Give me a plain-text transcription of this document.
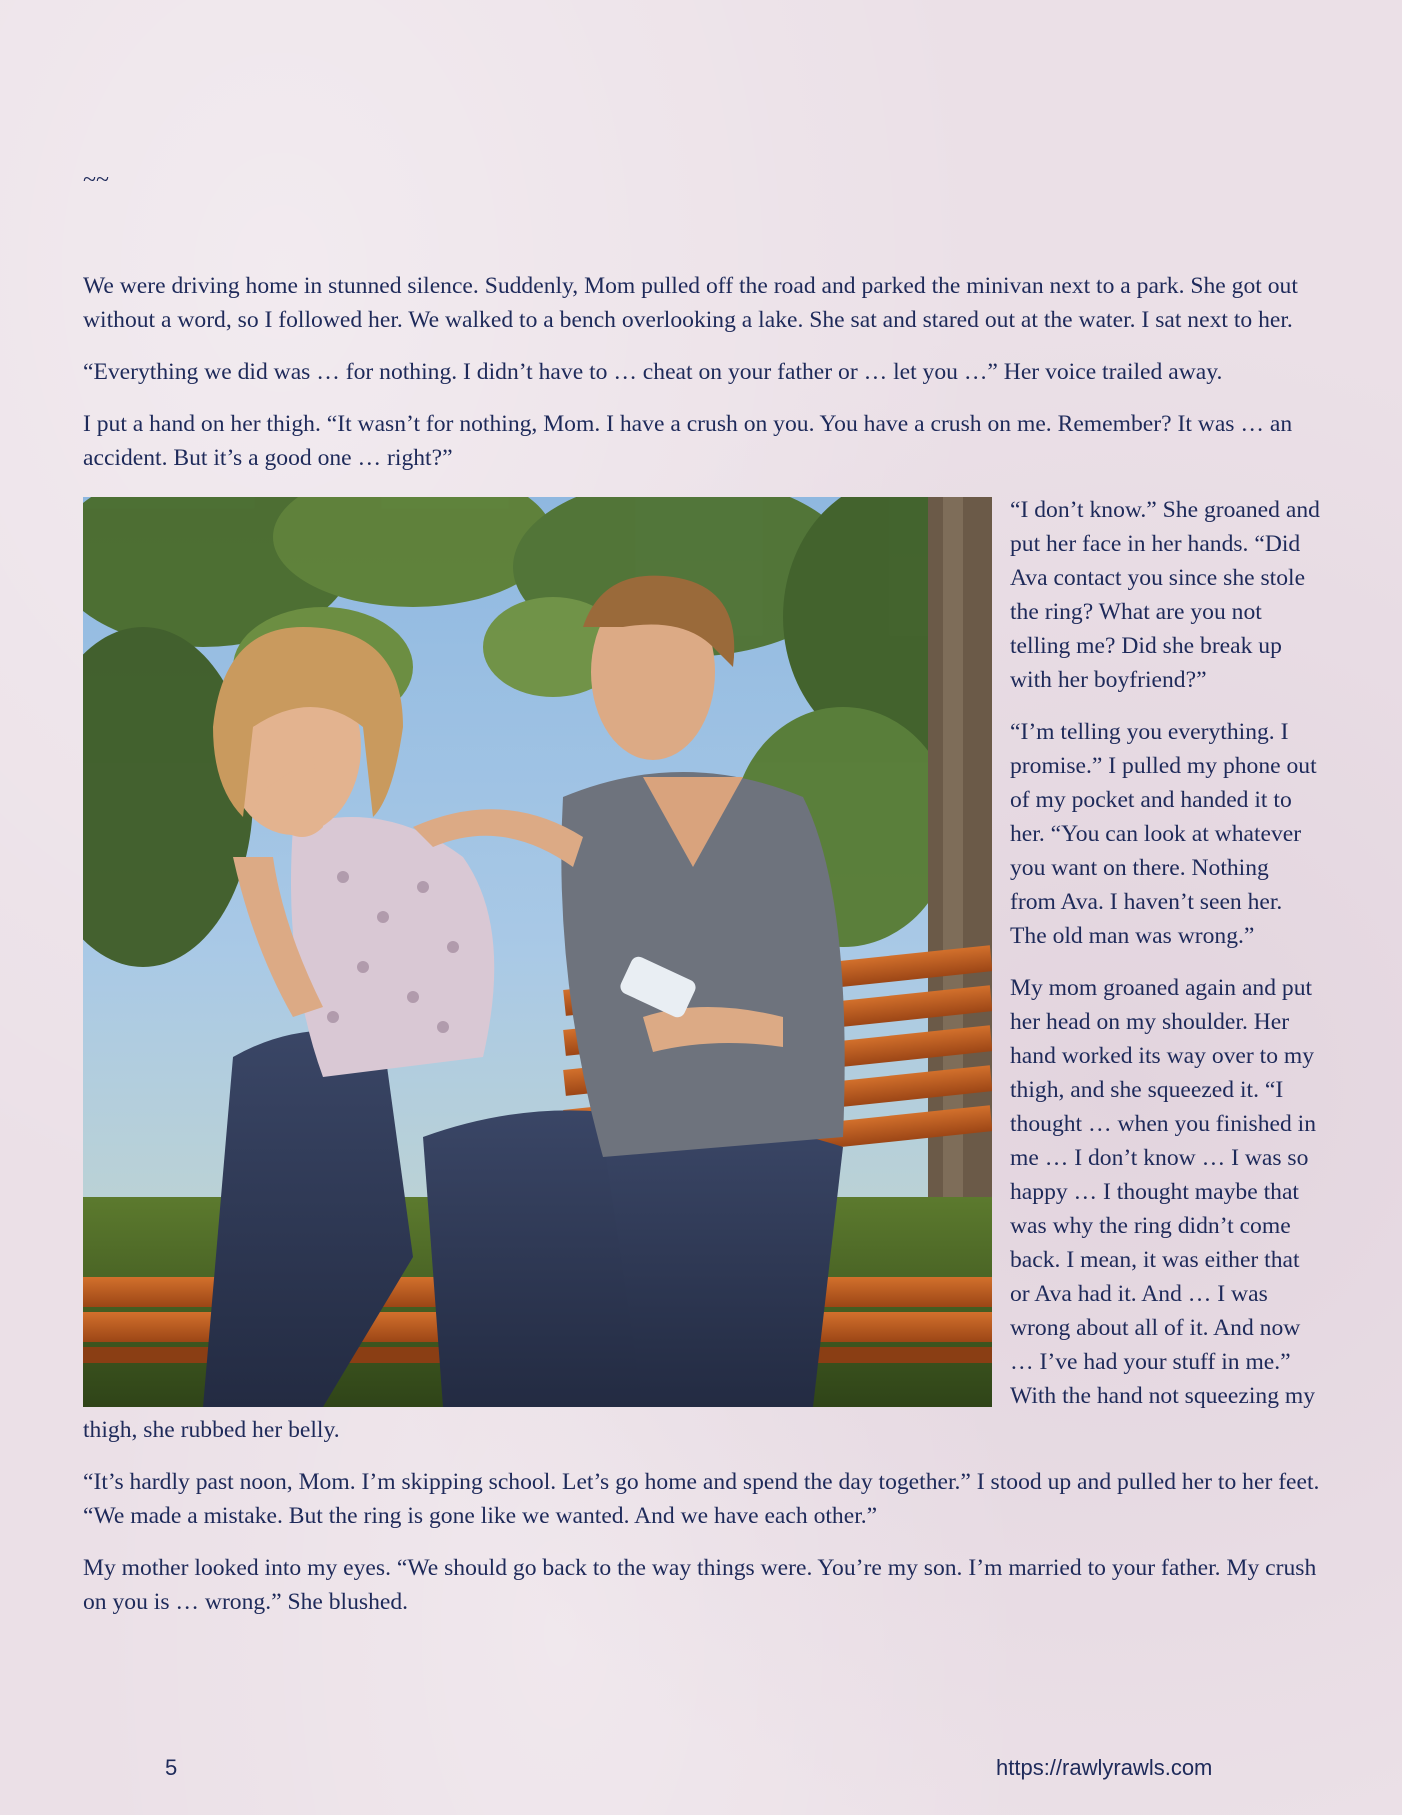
~~

We were driving home in stunned silence. Suddenly, Mom pulled off the road and parked the minivan next to a park. She got out without a word, so I followed her. We walked to a bench overlooking a lake. She sat and stared out at the water. I sat next to her.

“Everything we did was … for nothing. I didn’t have to … cheat on your father or … let you …” Her voice trailed away.

I put a hand on her thigh. “It wasn’t for nothing, Mom. I have a crush on you. You have a crush on me. Remember? It was … an accident. But it’s a good one … right?”

“I don’t know.” She groaned and put her face in her hands. “Did Ava contact you since she stole the ring? What are you not telling me? Did she break up with her boyfriend?”

“I’m telling you everything. I promise.” I pulled my phone out of my pocket and handed it to her. “You can look at whatever you want on there. Nothing from Ava. I haven’t seen her. The old man was wrong.”

My mom groaned again and put her head on my shoulder. Her hand worked its way over to my thigh, and she squeezed it. “I thought … when you finished in me … I don’t know … I was so happy … I thought maybe that was why the ring didn’t come back. I mean, it was either that or Ava had it. And … I was wrong about all of it. And now … I’ve had your stuff in me.” With the hand not squeezing my thigh, she rubbed her belly.

“It’s hardly past noon, Mom. I’m skipping school. Let’s go home and spend the day together.” I stood up and pulled her to her feet. “We made a mistake. But the ring is gone like we wanted. And we have each other.”

My mother looked into my eyes. “We should go back to the way things were. You’re my son. I’m married to your father. My crush on you is … wrong.” She blushed.

5	https://rawlyrawls.com
